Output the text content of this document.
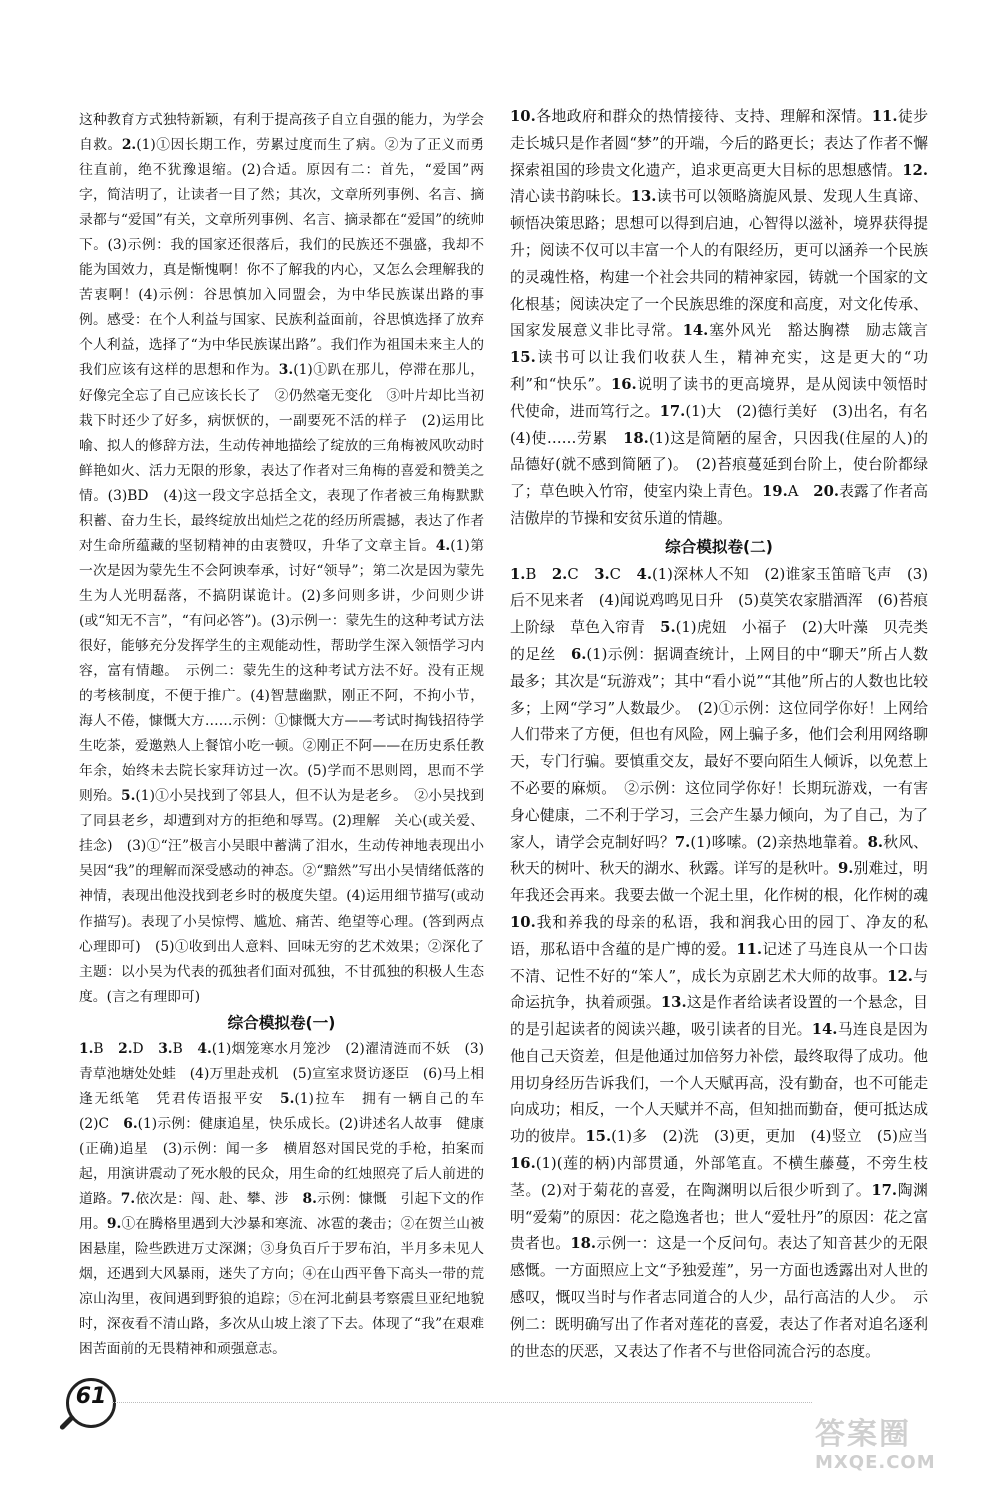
这种教育方式独特新颖，有利于提高孩子自立自强的能力，为学会自救。2.(1)①因长期工作，劳累过度而生了病。②为了正义而勇往直前，绝不犹豫退缩。(2)合适。原因有二：首先，“爱国”两字，简洁明了，让读者一目了然；其次，文章所列事例、名言、摘录都与“爱国”有关，文章所列事例、名言、摘录都在“爱国”的统帅下。(3)示例：我的国家还很落后，我们的民族还不强盛，我却不能为国效力，真是惭愧啊！你不了解我的内心，又怎么会理解我的苦衷啊！(4)示例：谷思慎加入同盟会，为中华民族谋出路的事例。感受：在个人利益与国家、民族利益面前，谷思慎选择了放弃个人利益，选择了“为中华民族谋出路”。我们作为祖国未来主人的我们应该有这样的思想和作为。3.(1)①趴在那儿，停滞在那儿，好像完全忘了自己应该长长了　②仍然毫无变化　③叶片却比当初栽下时还少了好多，病恹恹的，一副要死不活的样子　(2)运用比喻、拟人的修辞方法，生动传神地描绘了绽放的三角梅被风吹动时鲜艳如火、活力无限的形象，表达了作者对三角梅的喜爱和赞美之情。(3)BD　(4)这一段文字总括全文，表现了作者被三角梅默默积蓄、奋力生长，最终绽放出灿烂之花的经历所震撼，表达了作者对生命所蕴藏的坚韧精神的由衷赞叹，升华了文章主旨。4.(1)第一次是因为蒙先生不会阿谀奉承，讨好“领导”；第二次是因为蒙先生为人光明磊落，不搞阴谋诡计。(2)多问则多讲，少问则少讲(或“知无不言”，“有问必答”)。(3)示例一：蒙先生的这种考试方法很好，能够充分发挥学生的主观能动性，帮助学生深入领悟学习内容，富有情趣。　示例二：蒙先生的这种考试方法不好。没有正规的考核制度，不便于推广。(4)智慧幽默，刚正不阿，不拘小节，海人不倦，慷慨大方……示例：①慷慨大方——考试时掏钱招待学生吃茶，爱邀熟人上餐馆小吃一顿。②刚正不阿——在历史系任教年余，始终未去院长家拜访过一次。(5)学而不思则罔，思而不学则殆。5.(1)①小吴找到了邻县人，但不认为是老乡。　②小吴找到了同县老乡，却遭到对方的拒绝和辱骂。(2)理解　关心(或关爱、挂念)　(3)①“汪”极言小吴眼中蓄满了泪水，生动传神地表现出小吴因“我”的理解而深受感动的神态。②“黯然”写出小吴情绪低落的神情，表现出他没找到老乡时的极度失望。(4)运用细节描写(或动作描写)。表现了小吴惊愕、尴尬、痛苦、绝望等心理。(答到两点心理即可)　(5)①收到出人意料、回味无穷的艺术效果；②深化了主题：以小吴为代表的孤独者们面对孤独，不甘孤独的积极人生态度。(言之有理即可)

综合模拟卷(一)

1.B　2.D　3.B　4.(1)烟笼寒水月笼沙　(2)濯清涟而不妖　(3)青草池塘处处蛙　(4)万里赴戎机　(5)宣室求贤访逐臣　(6)马上相逢无纸笔　凭君传语报平安　5.(1)拉车　拥有一辆自己的车　(2)C　6.(1)示例：健康追星，快乐成长。(2)讲述名人故事　健康(正确)追星　(3)示例：闻一多　横眉怒对国民党的手枪，拍案而起，用演讲震动了死水般的民众，用生命的红烛照亮了后人前进的道路。7.依次是：闯、赴、攀、涉　8.示例：慷慨　引起下文的作用。9.①在腾格里遇到大沙暴和寒流、冰雹的袭击；②在贺兰山被困悬崖，险些跌进万丈深渊；③身负百斤于罗布泊，半月多未见人烟，还遇到大风暴雨，迷失了方向；④在山西平鲁下高头一带的荒凉山沟里，夜间遇到野狼的追踪；⑤在河北蓟县考察震旦亚纪地貌时，深夜看不清山路，多次从山坡上滚了下去。体现了“我”在艰难困苦面前的无畏精神和顽强意志。

10.各地政府和群众的热情接待、支持、理解和深情。11.徒步走长城只是作者圆“梦”的开端，今后的路更长；表达了作者不懈探索祖国的珍贵文化遗产，追求更高更大目标的思想感情。12.清心读书韵味长。13.读书可以领略旖旎风景、发现人生真谛、顿悟决策思路；思想可以得到启迪，心智得以滋补，境界获得提升；阅读不仅可以丰富一个人的有限经历，更可以涵养一个民族的灵魂性格，构建一个社会共同的精神家园，铸就一个国家的文化根基；阅读决定了一个民族思维的深度和高度，对文化传承、国家发展意义非比寻常。14.塞外风光　豁达胸襟　励志箴言　15.读书可以让我们收获人生，精神充实，这是更大的“功利”和“快乐”。16.说明了读书的更高境界，是从阅读中领悟时代使命，进而笃行之。17.(1)大　(2)德行美好　(3)出名，有名　(4)使……劳累　18.(1)这是简陋的屋舍，只因我(住屋的人)的品德好(就不感到简陋了)。　(2)苔痕蔓延到台阶上，使台阶都绿了；草色映入竹帘，使室内染上青色。19.A　20.表露了作者高洁傲岸的节操和安贫乐道的情趣。

综合模拟卷(二)

1.B　2.C　3.C　4.(1)深林人不知　(2)谁家玉笛暗飞声　(3)后不见来者　(4)闻说鸡鸣见日升　(5)莫笑农家腊酒浑　(6)苔痕上阶绿　草色入帘青　5.(1)虎妞　小福子　(2)大叶藻　贝壳类的足丝　6.(1)示例：据调查统计，上网目的中“聊天”所占人数最多；其次是“玩游戏”；其中“看小说”“其他”所占的人数也比较多；上网“学习”人数最少。　(2)①示例：这位同学你好！上网给人们带来了方便，但也有风险，网上骗子多，他们会利用网络聊天，专门行骗。要慎重交友，最好不要向陌生人倾诉，以免惹上不必要的麻烦。　②示例：这位同学你好！长期玩游戏，一有害身心健康，二不利于学习，三会产生暴力倾向，为了自己，为了家人，请学会克制好吗？7.(1)哆嗦。(2)亲热地靠着。8.秋风、秋天的树叶、秋天的湖水、秋露。详写的是秋叶。9.别难过，明年我还会再来。我要去做一个泥土里，化作树的根，化作树的魂10.我和养我的母亲的私语，我和润我心田的园丁、净友的私语，那私语中含蕴的是广博的爱。11.记述了马连良从一个口齿不清、记性不好的“笨人”，成长为京剧艺术大师的故事。12.与命运抗争，执着顽强。13.这是作者给读者设置的一个悬念，目的是引起读者的阅读兴趣，吸引读者的目光。14.马连良是因为他自己天资差，但是他通过加倍努力补偿，最终取得了成功。他用切身经历告诉我们，一个人天赋再高，没有勤奋，也不可能走向成功；相反，一个人天赋并不高，但知拙而勤奋，便可抵达成功的彼岸。15.(1)多　(2)洗　(3)更，更加　(4)竖立　(5)应当　16.(1)(莲的柄)内部贯通，外部笔直。不横生藤蔓，不旁生枝茎。(2)对于菊花的喜爱，在陶渊明以后很少听到了。17.陶渊明“爱菊”的原因：花之隐逸者也；世人“爱牡丹”的原因：花之富贵者也。18.示例一：这是一个反问句。表达了知音甚少的无限感慨。一方面照应上文“予独爱莲”，另一方面也透露出对人世的感叹，慨叹当时与作者志同道合的人少，品行高洁的人少。　示例二：既明确写出了作者对莲花的喜爱，表达了作者对追名逐利的世态的厌恶，又表达了作者不与世俗同流合污的态度。

61
答案圈
MXQE.COM
